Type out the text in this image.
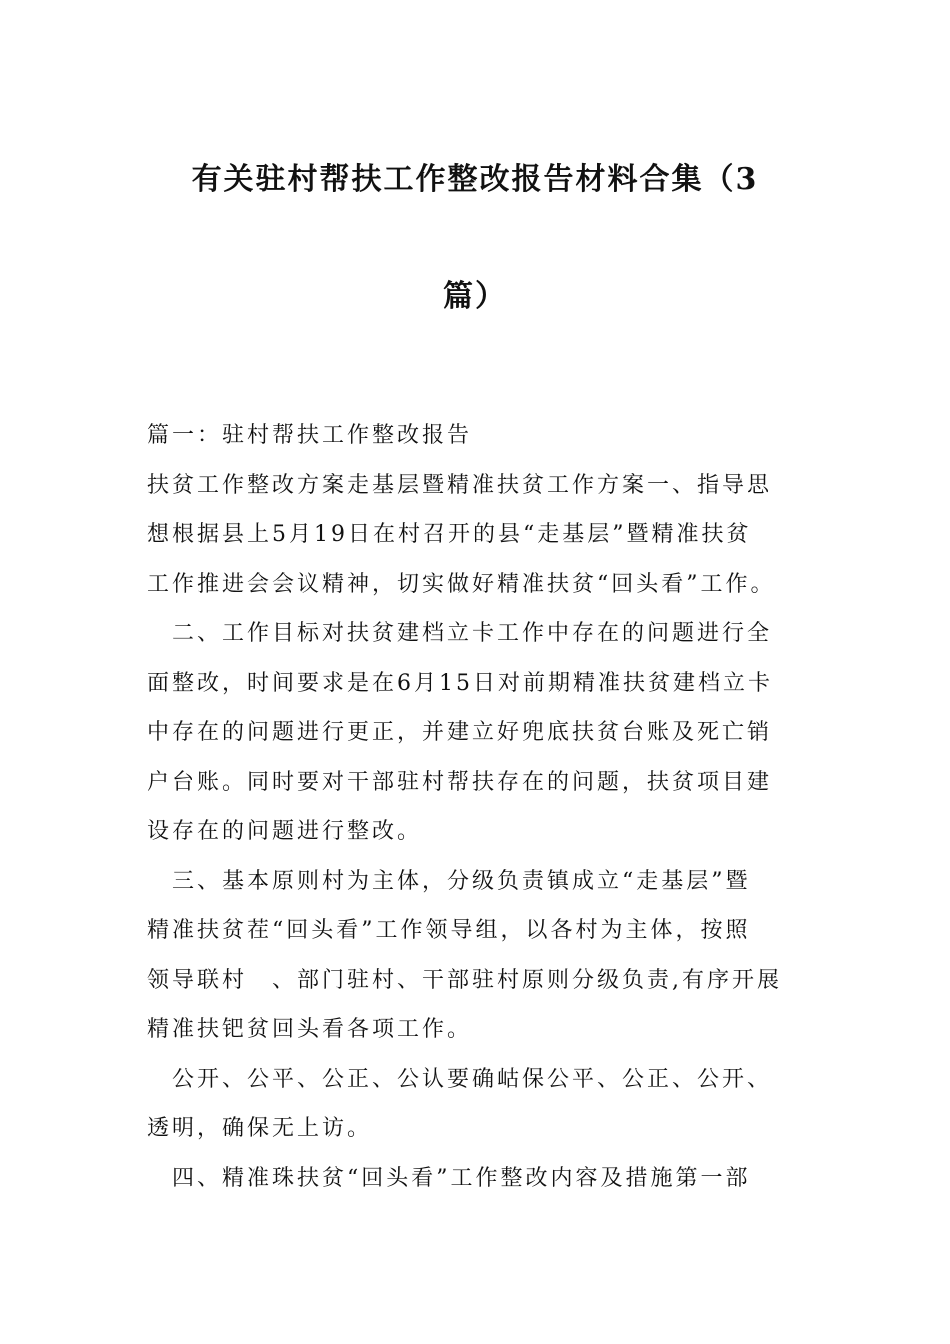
有关驻村帮扶工作整改报告材料合集（3
篇）
篇一：驻村帮扶工作整改报告
扶贫工作整改方案走基层暨精准扶贫工作方案一、指导思
想根据县上5月19日在村召开的县“走基层”暨精准扶贫
工作推进会会议精神，切实做好精准扶贫“回头看”工作。
二、工作目标对扶贫建档立卡工作中存在的问题进行全
面整改，时间要求是在6月15日对前期精准扶贫建档立卡
中存在的问题进行更正，并建立好兜底扶贫台账及死亡销
户台账。同时要对干部驻村帮扶存在的问题，扶贫项目建
设存在的问题进行整改。
三、基本原则村为主体，分级负责镇成立“走基层”暨
精准扶贫茬“回头看”工作领导组，以各村为主体，按照
领导联村　、部门驻村、干部驻村原则分级负责,有序开展
精准扶钯贫回头看各项工作。
公开、公平、公正、公认要确岵保公平、公正、公开、
透明，确保无上访。
四、精准珠扶贫“回头看”工作整改内容及措施第一部
